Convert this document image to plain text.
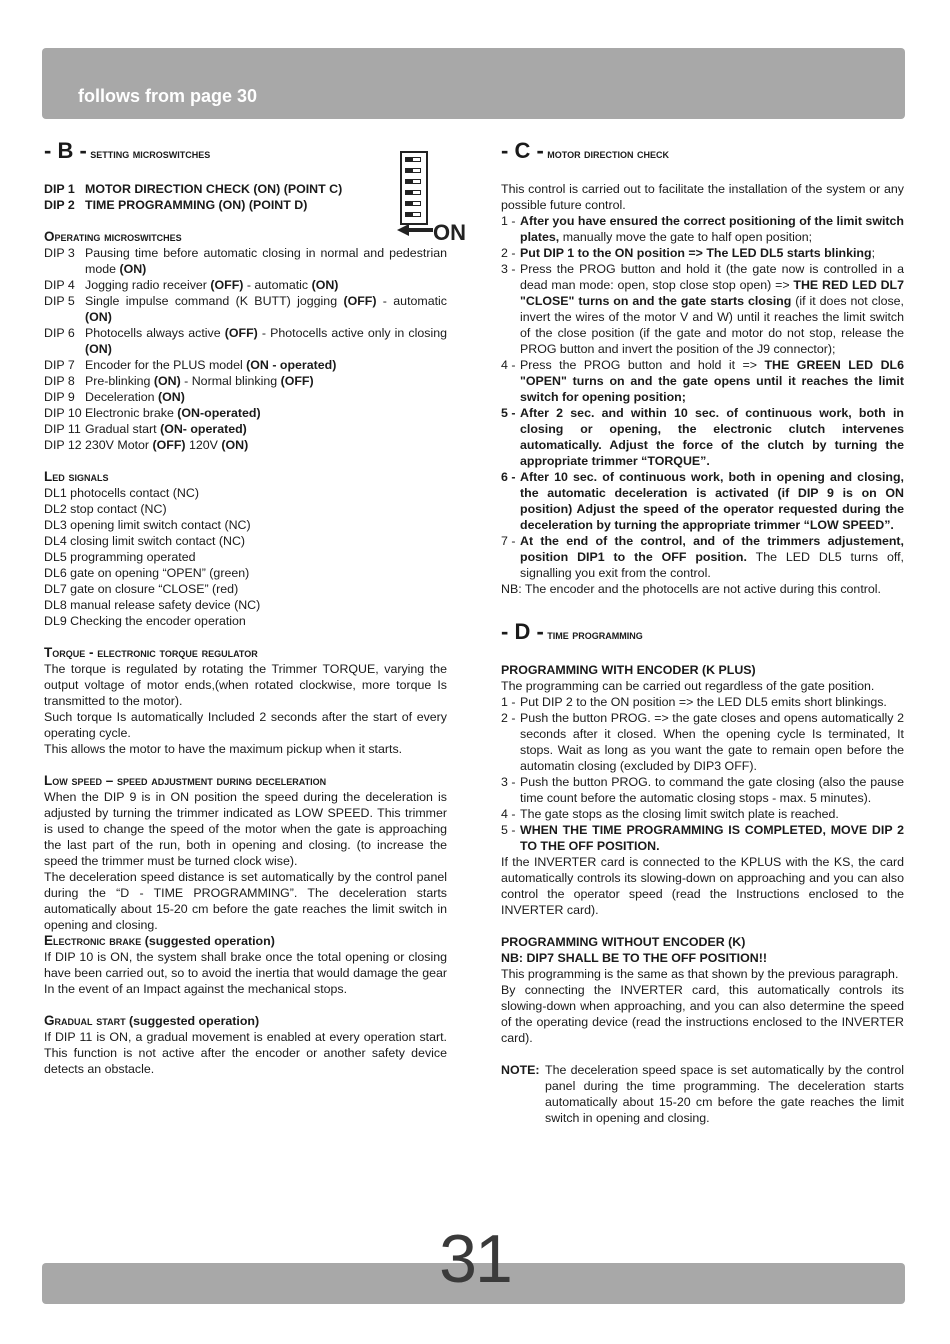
follows from page 30
G
B
ON
- B - setting microswitches
DIP 1 MOTOR DIRECTION CHECK (ON) (POINT C)
DIP 2 TIME PROGRAMMING (ON) (POINT D)
Operating microswitches
DIP 3 Pausing time before automatic closing in normal and pedestrian mode (ON)
DIP 4 Jogging radio receiver (OFF) - automatic (ON)
DIP 5 Single impulse command (K BUTT) jogging (OFF) - automatic (ON)
DIP 6 Photocells always active (OFF) - Photocells active only in closing (ON)
DIP 7 Encoder for the PLUS model (ON - operated)
DIP 8 Pre-blinking (ON) - Normal blinking (OFF)
DIP 9 Deceleration (ON)
DIP 10 Electronic brake (ON-operated)
DIP 11 Gradual start (ON- operated)
DIP 12 230V Motor (OFF) 120V (ON)
Led signals
DL1 photocells contact (NC)
DL2 stop contact (NC)
DL3 opening limit switch contact (NC)
DL4 closing limit switch contact (NC)
DL5 programming operated
DL6 gate on opening “OPEN” (green)
DL7 gate on closure “CLOSE” (red)
DL8 manual release safety device (NC)
DL9 Checking the encoder operation
Torque - electronic torque regulator

The torque is regulated by rotating the Trimmer TORQUE, varying the output voltage of motor ends,(when rotated clockwise, more torque Is transmitted to the motor).

Such torque Is automatically Included 2 seconds after the start of every operating cycle.

This allows the motor to have the maximum pickup when it starts.

Low speed – speed adjustment during deceleration

When the DIP 9 is in ON position the speed during the deceleration is adjusted by turning the trimmer indicated as LOW SPEED. This trimmer is used to change the speed of the motor when the gate is approaching the last part of the run, both in opening and closing. (to increase the speed the trimmer must be turned clock wise).

The deceleration speed distance is set automatically by the control panel during the “D - TIME PROGRAMMING”. The deceleration starts automatically about 15-20 cm before the gate reaches the limit switch in opening and closing.

Electronic brake (suggested operation)

If DIP 10 is ON, the system shall brake once the total opening or closing have been carried out, so to avoid the inertia that would damage the gear In the event of an Impact against the mechanical stops.

Gradual start (suggested operation)

If DIP 11 is ON, a gradual movement is enabled at every operation start. This function is not active after the encoder or another safety device detects an obstacle.

- C - motor direction check

This control is carried out to facilitate the installation of the system or any possible future control.

1 - After you have ensured the correct positioning of the limit switch plates, manually move the gate to half open position;
2 - Put DIP 1 to the ON position => The LED DL5 starts blinking;
3 - Press the PROG button and hold it (the gate now is controlled in a dead man mode: open, stop close stop open) => THE RED LED DL7 "CLOSE" turns on and the gate starts closing (if it does not close, invert the wires of the motor V and W) until it reaches the limit switch of the close position (if the gate and motor do not stop, release the PROG button and invert the position of the J9 connector);
4 - Press the PROG button and hold it => THE GREEN LED DL6 "OPEN" turns on and the gate opens until it reaches the limit switch for opening position;
5 - After 2 sec. and within 10 sec. of continuous work, both in closing or opening, the electronic clutch intervenes automatically. Adjust the force of the clutch by turning the appropriate trimmer “TORQUE”.
6 - After 10 sec. of continuous work, both in opening and closing, the automatic deceleration is activated (if DIP 9 is on ON position) Adjust the speed of the operator requested during the deceleration by turning the appropriate trimmer “LOW SPEED”.
7 - At the end of the control, and of the trimmers adjustement, position DIP1 to the OFF position. The LED DL5 turns off, signalling you exit from the control.

NB: The encoder and the photocells are not active during this control.

- D - time programming
PROGRAMMING WITH ENCODER (K PLUS)

The programming can be carried out regardless of the gate position.

1 - Put DIP 2 to the ON position => the LED DL5 emits short blinkings.
2 - Push the button PROG. => the gate closes and opens automatically 2 seconds after it closed. When the opening cycle Is terminated, It stops. Wait as long as you want the gate to remain open before the automatin closing (excluded by DIP3 OFF).
3 - Push the button PROG. to command the gate closing (also the pause time count before the automatic closing stops - max. 5 minutes).
4 - The gate stops as the closing limit switch plate is reached.
5 - WHEN THE TIME PROGRAMMING IS COMPLETED, MOVE DIP 2 TO THE OFF POSITION.

If the INVERTER card is connected to the KPLUS with the KS, the card automatically controls its slowing-down on approaching and you can also control the operator speed (read the Instructions enclosed to the INVERTER card).

PROGRAMMING WITHOUT ENCODER (K)
NB: DIP7 SHALL BE TO THE OFF POSITION!!

This programming is the same as that shown by the previous paragraph.

By connecting the INVERTER card, this automatically controls its slowing-down when approaching, and you can also determine the speed of the operating device (read the instructions enclosed to the INVERTER card).

NOTE: The deceleration speed space is set automatically by the control panel during the time programming. The deceleration starts automatically about 15-20 cm before the gate reaches the limit switch in opening and closing.
31
